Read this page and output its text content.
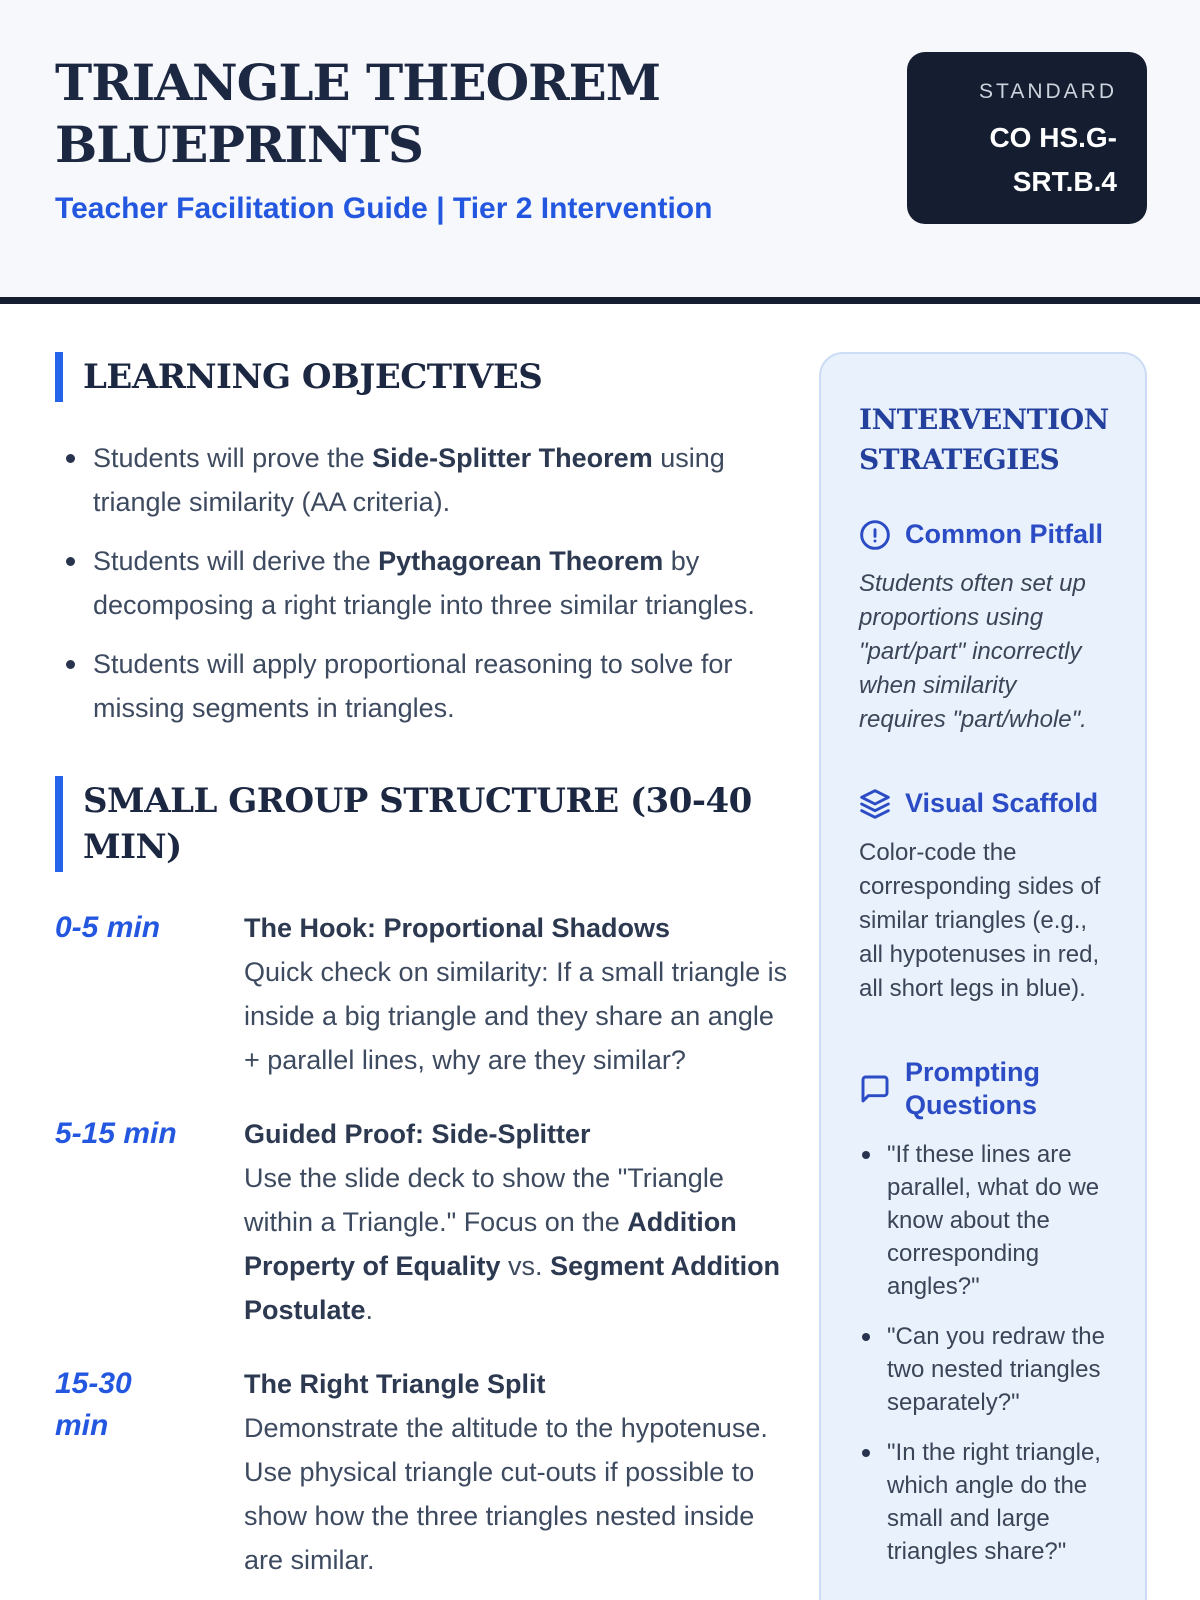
TRIANGLE THEOREM BLUEPRINTS
Teacher Facilitation Guide | Tier 2 Intervention
STANDARD
CO HS.G-
SRT.B.4
LEARNING OBJECTIVES
Students will prove the Side-Splitter Theorem using triangle similarity (AA criteria).
Students will derive the Pythagorean Theorem by decomposing a right triangle into three similar triangles.
Students will apply proportional reasoning to solve for missing segments in triangles.
SMALL GROUP STRUCTURE (30-40 MIN)
0-5 min	The Hook: Proportional Shadows
Quick check on similarity: If a small triangle is inside a big triangle and they share an angle + parallel lines, why are they similar?
5-15 min	Guided Proof: Side-Splitter
Use the slide deck to show the "Triangle within a Triangle." Focus on the Addition Property of Equality vs. Segment Addition Postulate.
15-30 min
The Right Triangle Split
Demonstrate the altitude to the hypotenuse. Use physical triangle cut-outs if possible to show how the three triangles nested inside are similar.
INTERVENTION STRATEGIES
Common Pitfall
Students often set up proportions using "part/part" incorrectly when similarity requires "part/whole".
Visual Scaffold
Color-code the corresponding sides of similar triangles (e.g., all hypotenuses in red, all short legs in blue).
Prompting Questions
"If these lines are parallel, what do we know about the corresponding angles?"
"Can you redraw the two nested triangles separately?"
"In the right triangle, which angle do the small and large triangles share?"
